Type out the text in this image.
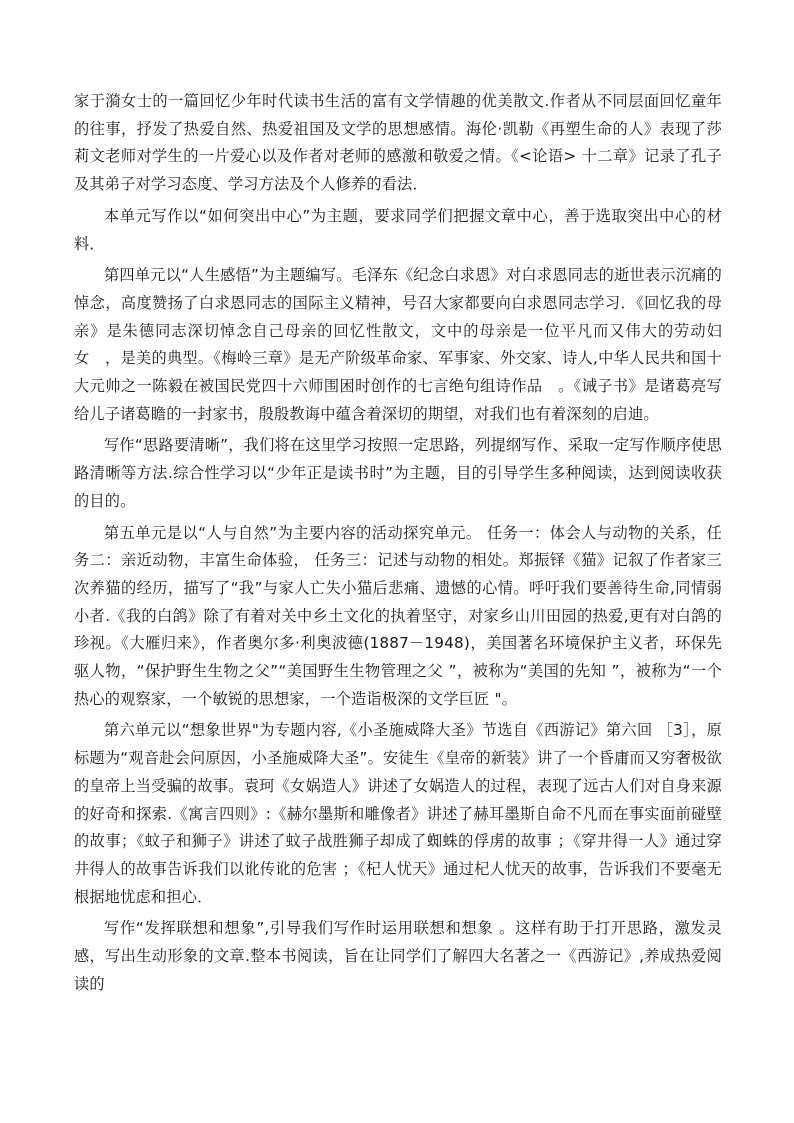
家于漪女士的一篇回忆少年时代读书生活的富有文学情趣的优美散文.作者从不同层面回忆童年的往事，抒发了热爱自然、热爱祖国及文学的思想感情。海伦·凯勒《再塑生命的人》表现了莎莉文老师对学生的一片爱心以及作者对老师的感激和敬爱之情。《<论语> 十二章》记录了孔子及其弟子对学习态度、学习方法及个人修养的看法．

本单元写作以“如何突出中心”为主题，要求同学们把握文章中心，善于选取突出中心的材料．

第四单元以“人生感悟”为主题编写。毛泽东《纪念白求恩》对白求恩同志的逝世表示沉痛的悼念，高度赞扬了白求恩同志的国际主义精神，号召大家都要向白求恩同志学习．《回忆我的母亲》是朱德同志深切悼念自己母亲的回忆性散文，文中的母亲是一位平凡而又伟大的劳动妇女　，是美的典型。《梅岭三章》是无产阶级革命家、军事家、外交家、诗人,中华人民共和国十大元帅之一陈毅在被国民党四十六师围困时创作的七言绝句组诗作品　。《诫子书》是诸葛亮写给儿子诸葛瞻的一封家书，殷殷教诲中蕴含着深切的期望，对我们也有着深刻的启迪。

写作“思路要清晰”，我们将在这里学习按照一定思路，列提纲写作、采取一定写作顺序使思路清晰等方法.综合性学习以“少年正是读书时”为主题，目的引导学生多种阅读，达到阅读收获的目的。

第五单元是以“人与自然”为主要内容的活动探究单元。 任务一：体会人与动物的关系，任务二：亲近动物，丰富生命体验， 任务三：记述与动物的相处。郑振铎《猫》记叙了作者家三次养猫的经历，描写了“我”与家人亡失小猫后悲痛、遗憾的心情。呼吁我们要善待生命,同情弱小者.《我的白鸽》除了有着对关中乡土文化的执着坚守，对家乡山川田园的热爱,更有对白鸽的珍视。《大雁归来》，作者奥尔多·利奥波德(1887－1948)，美国著名环境保护主义者，环保先驱人物，“保护野生生物之父”“美国野生生物管理之父 ”，被称为“美国的先知 ”，被称为“一个热心的观察家，一个敏锐的思想家，一个造诣极深的文学巨匠 "。

第六单元以“想象世界"为专题内容,《小圣施威降大圣》节选自《西游记》第六回 ［3］，原标题为“观音赴会问原因，小圣施威降大圣”。安徒生《皇帝的新装》讲了一个昏庸而又穷奢极欲的皇帝上当受骗的故事。袁珂《女娲造人》讲述了女娲造人的过程，表现了远古人们对自身来源的好奇和探索.《寓言四则》:《赫尔墨斯和雕像者》讲述了赫耳墨斯自命不凡而在事实面前碰壁的故事；《蚊子和狮子》讲述了蚊子战胜狮子却成了蜘蛛的俘虏的故事 ；《穿井得一人》通过穿井得人的故事告诉我们以讹传讹的危害 ；《杞人忧天》通过杞人忧天的故事，告诉我们不要毫无根据地忧虑和担心．

写作“发挥联想和想象”,引导我们写作时运用联想和想象 。这样有助于打开思路，激发灵感，写出生动形象的文章.整本书阅读，旨在让同学们了解四大名著之一《西游记》,养成热爱阅读的
